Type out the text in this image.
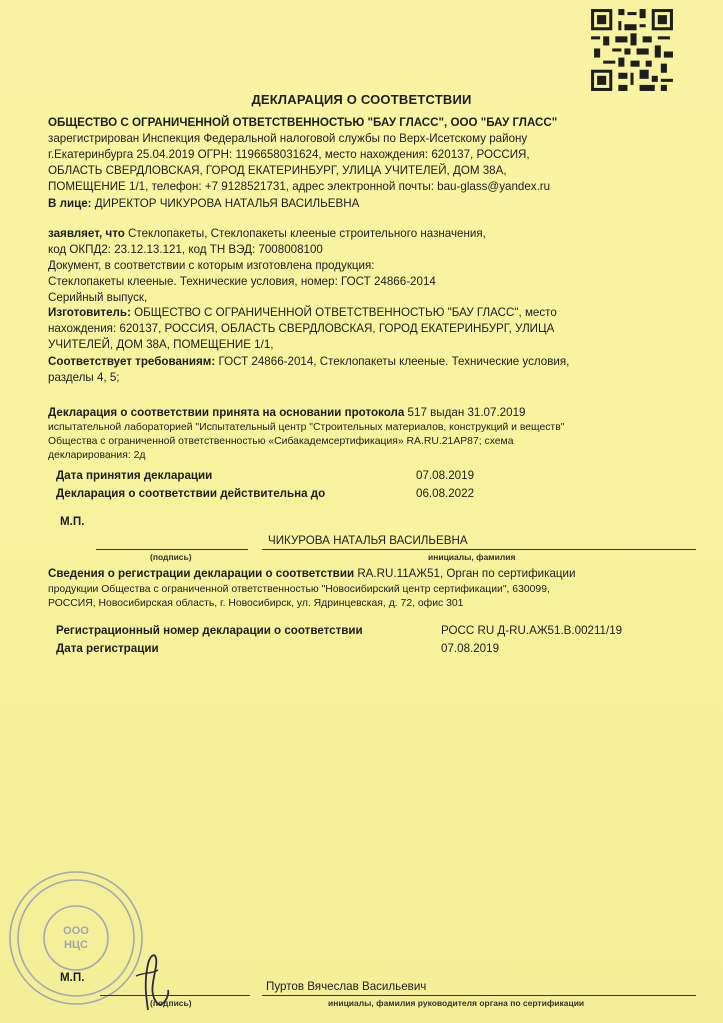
ДЕКЛАРАЦИЯ О СООТВЕТСТВИИ
ОБЩЕСТВО С ОГРАНИЧЕННОЙ ОТВЕТСТВЕННОСТЬЮ "БАУ ГЛАСС", ООО "БАУ ГЛАСС"
зарегистрирован Инспекция Федеральной налоговой службы по Верх-Исетскому району
г.Екатеринбурга 25.04.2019 ОГРН: 1196658031624, место нахождения: 620137, РОССИЯ,
ОБЛАСТЬ СВЕРДЛОВСКАЯ, ГОРОД ЕКАТЕРИНБУРГ, УЛИЦА УЧИТЕЛЕЙ, ДОМ 38А,
ПОМЕЩЕНИЕ 1/1, телефон: +7 9128521731, адрес электронной почты: bau-glass@yandex.ru
В лице: ДИРЕКТОР ЧИКУРОВА НАТАЛЬЯ ВАСИЛЬЕВНА
заявляет, что Стеклопакеты, Стеклопакеты клееные строительного назначения,
код ОКПД2: 23.12.13.121, код ТН ВЭД: 7008008100
Документ, в соответствии с которым изготовлена продукция:
Стеклопакеты клееные. Технические условия, номер: ГОСТ 24866-2014
Серийный выпуск,
Изготовитель: ОБЩЕСТВО С ОГРАНИЧЕННОЙ ОТВЕТСТВЕННОСТЬЮ "БАУ ГЛАСС", место
нахождения: 620137, РОССИЯ, ОБЛАСТЬ СВЕРДЛОВСКАЯ, ГОРОД ЕКАТЕРИНБУРГ, УЛИЦА
УЧИТЕЛЕЙ, ДОМ 38А, ПОМЕЩЕНИЕ 1/1,
Соответствует требованиям: ГОСТ 24866-2014, Стеклопакеты клееные. Технические условия,
разделы 4, 5;
Декларация о соответствии принята на основании протокола 517 выдан 31.07.2019
испытательной лабораторией "Испытательный центр "Строительных материалов, конструкций и веществ"
Общества с ограниченной ответственностью «Сибакадемсертификация» RA.RU.21АР87; схема
декларирования: 2д
Дата принятия декларации	07.08.2019
Декларация о соответствии действительна до	06.08.2022
М.П.
ЧИКУРОВА НАТАЛЬЯ ВАСИЛЬЕВНА
(подпись)	инициалы, фамилия
Сведения о регистрации декларации о соответствии RA.RU.11АЖ51, Орган по сертификации
продукции Общества с ограниченной ответственностью "Новосибирский центр сертификации", 630099,
РОССИЯ, Новосибирская область, г. Новосибирск, ул. Ядринцевская, д. 72, офис 301
Регистрационный номер декларации о соответствии	РОСС RU Д-RU.АЖ51.В.00211/19
Дата регистрации	07.08.2019
ООО
НЦС
М.П.
Пуртов Вячеслав Васильевич
(подпись)	инициалы, фамилия руководителя органа по сертификации
